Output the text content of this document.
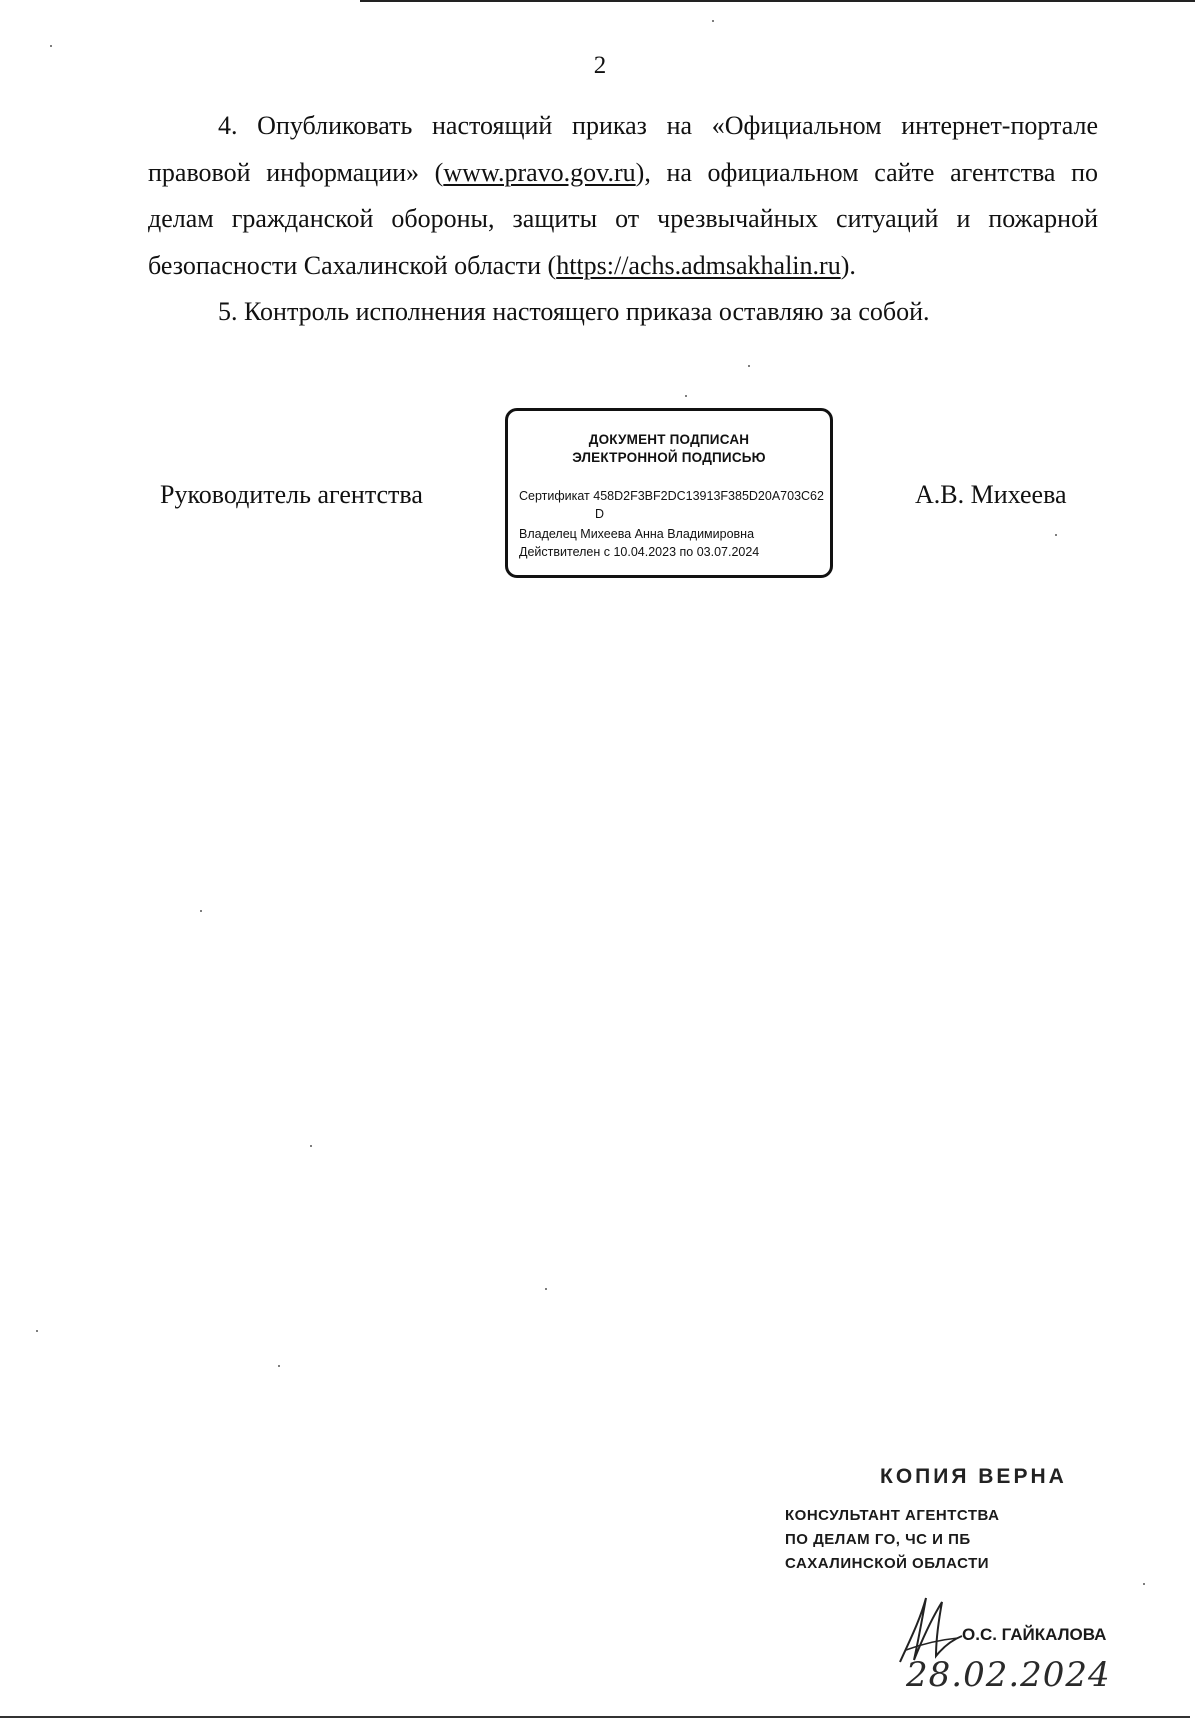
2

4. Опубликовать настоящий приказ на «Официальном интернет-портале правовой информации» (www.pravo.gov.ru), на официальном сайте агентства по делам гражданской обороны, защиты от чрезвычайных ситуаций и пожарной безопасности Сахалинской области (https://achs.admsakhalin.ru).

5. Контроль исполнения настоящего приказа оставляю за собой.

Руководитель агентства	А.В. Михеева
ДОКУМЕНТ ПОДПИСАН
ЭЛЕКТРОННОЙ ПОДПИСЬЮ
Сертификат 458D2F3BF2DC13913F385D20A703C62
D
Владелец Михеева Анна Владимировна
Действителен с 10.04.2023 по 03.07.2024
КОПИЯ ВЕРНА
КОНСУЛЬТАНТ АГЕНТСТВА
ПО ДЕЛАМ ГО, ЧС И ПБ
САХАЛИНСКОЙ ОБЛАСТИ
О.С. ГАЙКАЛОВА
28.02.2024
